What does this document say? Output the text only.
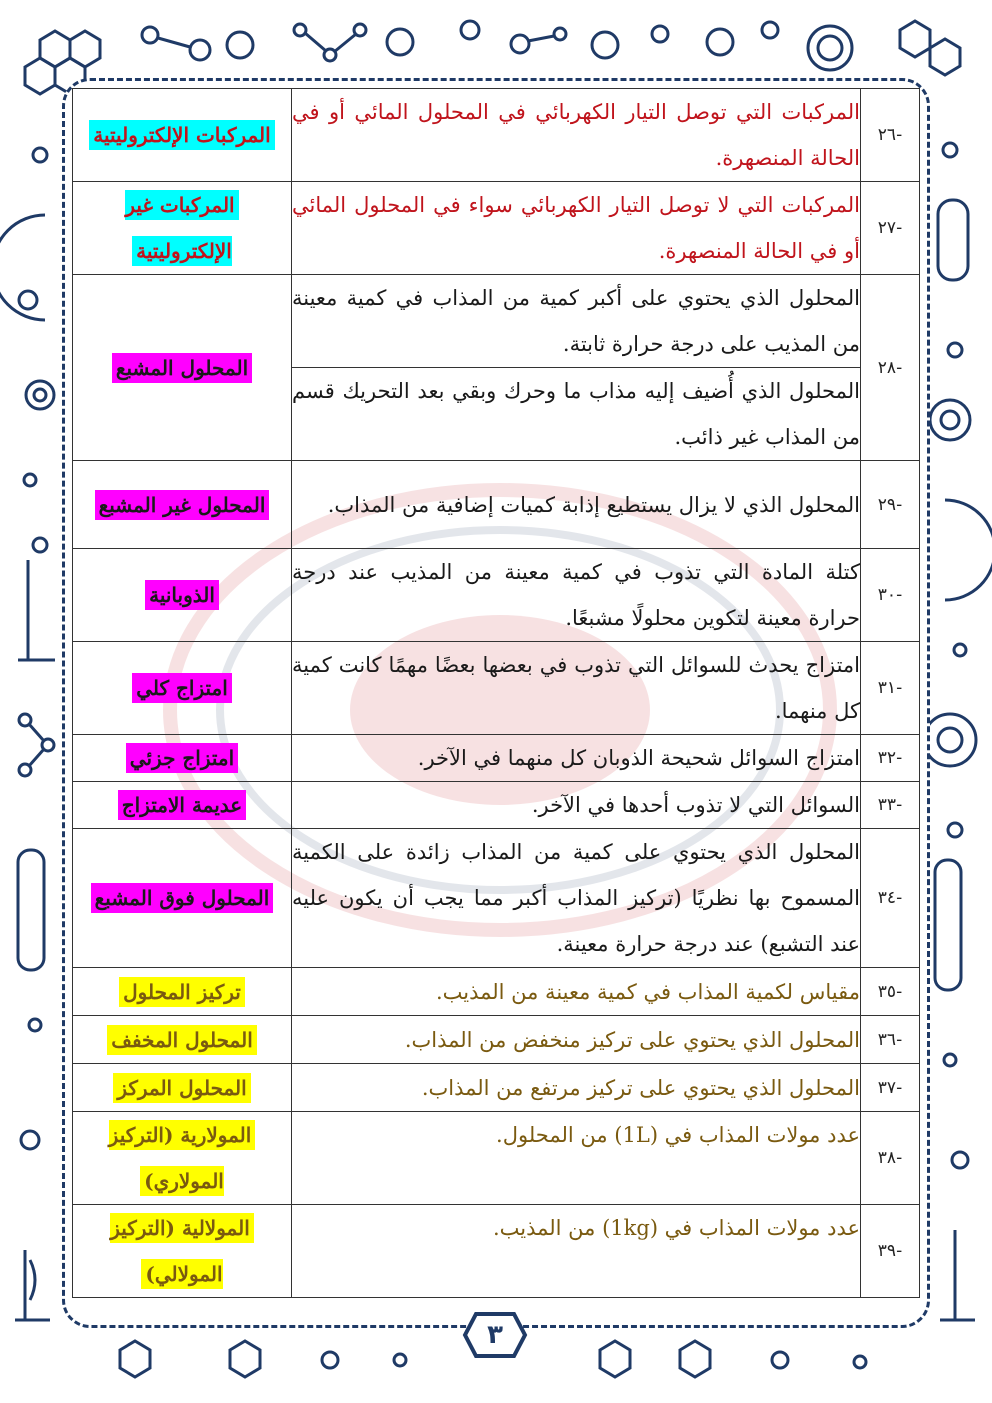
-٢٦	المركبات التي توصل التيار الكهربائي في المحلول المائي أو في الحالة المنصهرة.	المركبات الإلكتروليتية
-٢٧	المركبات التي لا توصل التيار الكهربائي سواء في المحلول المائي أو في الحالة المنصهرة.	المركبات غير الإلكتروليتية
-٢٨	المحلول الذي يحتوي على أكبر كمية من المذاب في كمية معينة من المذيب على درجة حرارة ثابتة.	المحلول المشبع
	المحلول الذي أُضيف إليه مذاب ما وحرك وبقي بعد التحريك قسم من المذاب غير ذائب.	
-٢٩	المحلول الذي لا يزال يستطيع إذابة كميات إضافية من المذاب.	المحلول غير المشبع
-٣٠	كتلة المادة التي تذوب في كمية معينة من المذيب عند درجة حرارة معينة لتكوين محلولًا مشبعًا.	الذوبانية
-٣١	امتزاج يحدث للسوائل التي تذوب في بعضها بعضًا مهمًا كانت كمية كل منهما.	امتزاج كلي
-٣٢	امتزاج السوائل شحيحة الذوبان كل منهما في الآخر.	امتزاج جزئي
-٣٣	السوائل التي لا تذوب أحدها في الآخر.	عديمة الامتزاج
-٣٤	المحلول الذي يحتوي على كمية من المذاب زائدة على الكمية المسموح بها نظريًا (تركيز المذاب أكبر مما يجب أن يكون عليه عند التشبع) عند درجة حرارة معينة.	المحلول فوق المشبع
-٣٥	مقياس لكمية المذاب في كمية معينة من المذيب.	تركيز المحلول
-٣٦	المحلول الذي يحتوي على تركيز منخفض من المذاب.	المحلول المخفف
-٣٧	المحلول الذي يحتوي على تركيز مرتفع من المذاب.	المحلول المركز
-٣٨	عدد مولات المذاب في (1L) من المحلول.	المولارية (التركيز المولاري)
-٣٩	عدد مولات المذاب في (1kg) من المذيب.	المولالية (التركيز المولالي)
٣
